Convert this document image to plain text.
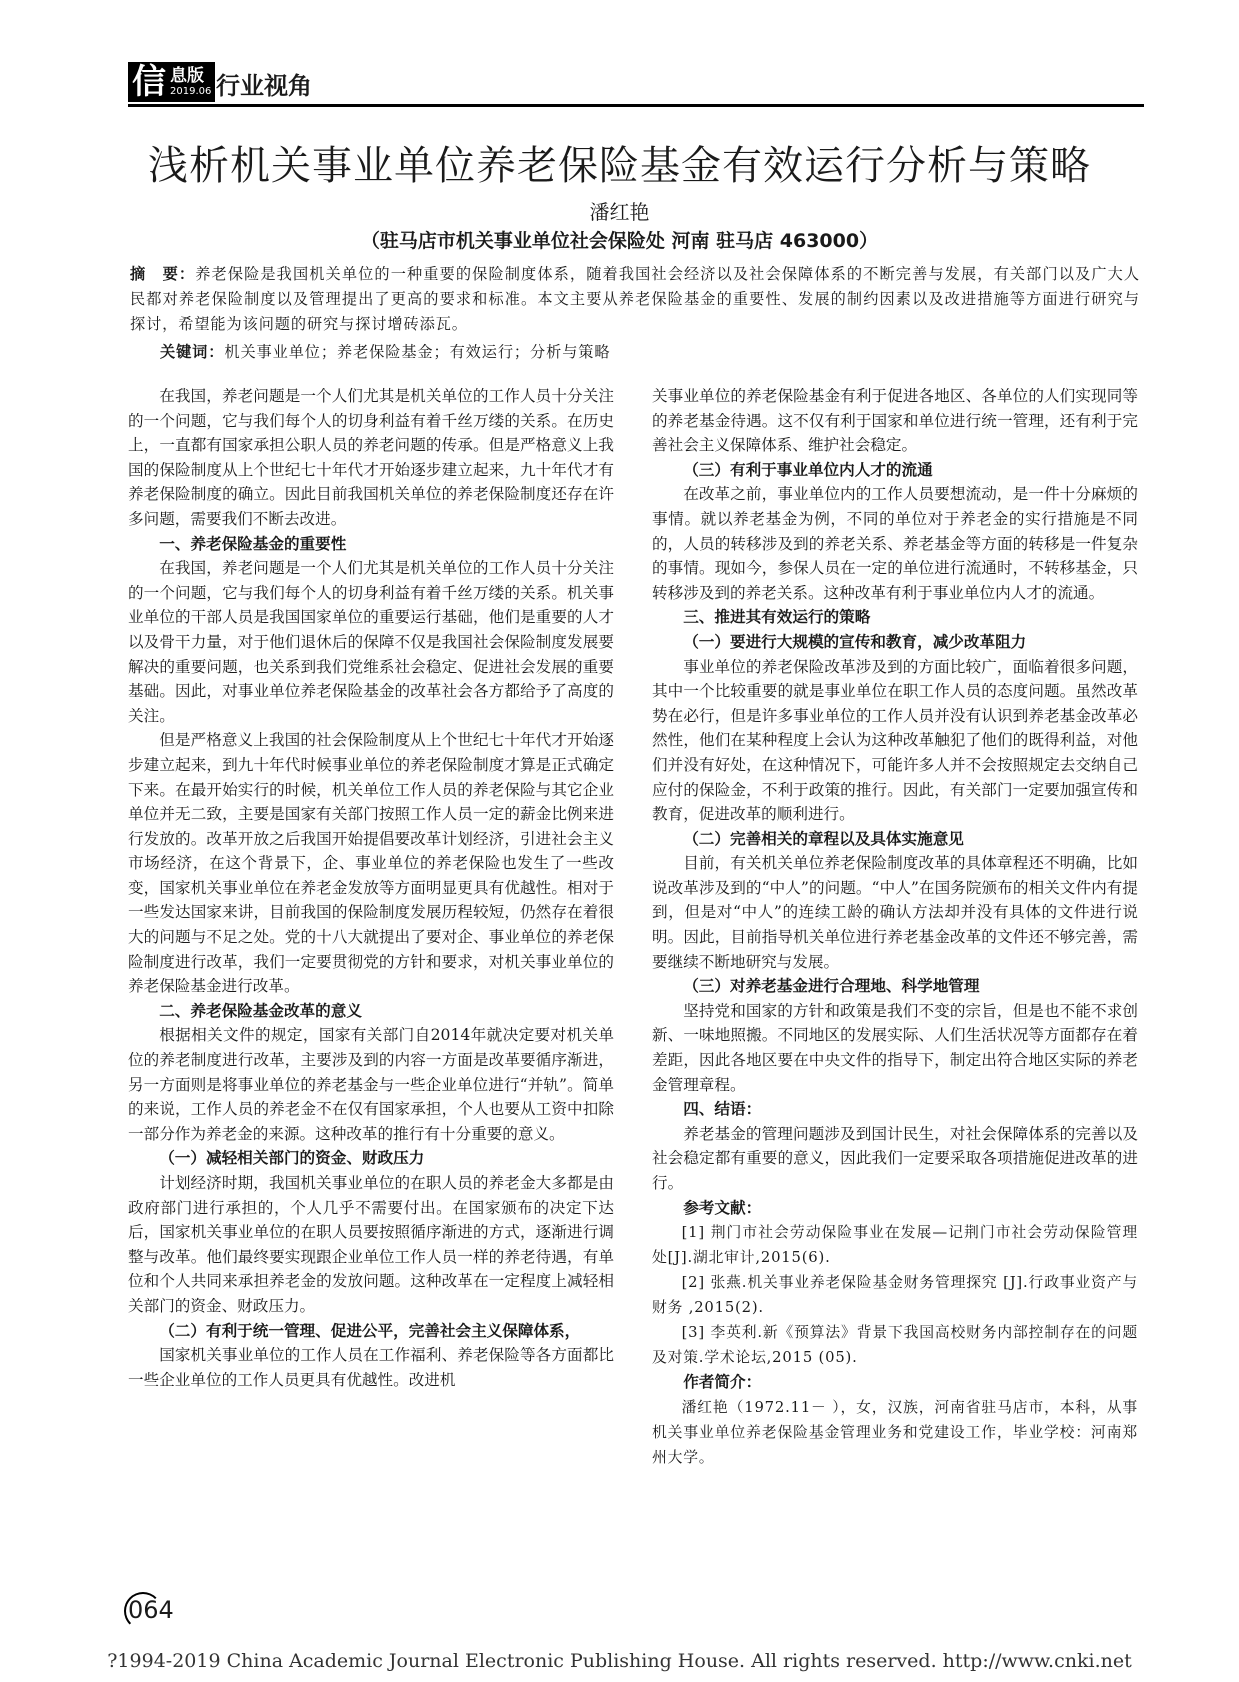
信 息版
2019.06 行业视角
浅析机关事业单位养老保险基金有效运行分析与策略
潘红艳
（驻马店市机关事业单位社会保险处 河南 驻马店 463000）
摘　要：养老保险是我国机关单位的一种重要的保险制度体系，随着我国社会经济以及社会保障体系的不断完善与发展，有关部门以及广大人民都对养老保险制度以及管理提出了更高的要求和标准。本文主要从养老保险基金的重要性、发展的制约因素以及改进措施等方面进行研究与探讨，希望能为该问题的研究与探讨增砖添瓦。
关键词：机关事业单位；养老保险基金；有效运行；分析与策略

在我国，养老问题是一个人们尤其是机关单位的工作人员十分关注的一个问题，它与我们每个人的切身利益有着千丝万缕的关系。在历史上，一直都有国家承担公职人员的养老问题的传承。但是严格意义上我国的保险制度从上个世纪七十年代才开始逐步建立起来，九十年代才有养老保险制度的确立。因此目前我国机关单位的养老保险制度还存在许多问题，需要我们不断去改进。

一、养老保险基金的重要性

在我国，养老问题是一个人们尤其是机关单位的工作人员十分关注的一个问题，它与我们每个人的切身利益有着千丝万缕的关系。机关事业单位的干部人员是我国国家单位的重要运行基础，他们是重要的人才以及骨干力量，对于他们退休后的保障不仅是我国社会保险制度发展要解决的重要问题，也关系到我们党维系社会稳定、促进社会发展的重要基础。因此，对事业单位养老保险基金的改革社会各方都给予了高度的关注。

但是严格意义上我国的社会保险制度从上个世纪七十年代才开始逐步建立起来，到九十年代时候事业单位的养老保险制度才算是正式确定下来。在最开始实行的时候，机关单位工作人员的养老保险与其它企业单位并无二致，主要是国家有关部门按照工作人员一定的薪金比例来进行发放的。改革开放之后我国开始提倡要改革计划经济，引进社会主义市场经济，在这个背景下，企、事业单位的养老保险也发生了一些改变，国家机关事业单位在养老金发放等方面明显更具有优越性。相对于一些发达国家来讲，目前我国的保险制度发展历程较短，仍然存在着很大的问题与不足之处。党的十八大就提出了要对企、事业单位的养老保险制度进行改革，我们一定要贯彻党的方针和要求，对机关事业单位的养老保险基金进行改革。

二、养老保险基金改革的意义

根据相关文件的规定，国家有关部门自2014年就决定要对机关单位的养老制度进行改革，主要涉及到的内容一方面是改革要循序渐进，另一方面则是将事业单位的养老基金与一些企业单位进行“并轨”。简单的来说，工作人员的养老金不在仅有国家承担，个人也要从工资中扣除一部分作为养老金的来源。这种改革的推行有十分重要的意义。

（一）减轻相关部门的资金、财政压力

计划经济时期，我国机关事业单位的在职人员的养老金大多都是由政府部门进行承担的，个人几乎不需要付出。在国家颁布的决定下达后，国家机关事业单位的在职人员要按照循序渐进的方式，逐渐进行调整与改革。他们最终要实现跟企业单位工作人员一样的养老待遇，有单位和个人共同来承担养老金的发放问题。这种改革在一定程度上减轻相关部门的资金、财政压力。

（二）有利于统一管理、促进公平，完善社会主义保障体系，

国家机关事业单位的工作人员在工作福利、养老保险等各方面都比一些企业单位的工作人员更具有优越性。改进机

关事业单位的养老保险基金有利于促进各地区、各单位的人们实现同等的养老基金待遇。这不仅有利于国家和单位进行统一管理，还有利于完善社会主义保障体系、维护社会稳定。

（三）有利于事业单位内人才的流通

在改革之前，事业单位内的工作人员要想流动，是一件十分麻烦的事情。就以养老基金为例，不同的单位对于养老金的实行措施是不同的，人员的转移涉及到的养老关系、养老基金等方面的转移是一件复杂的事情。现如今，参保人员在一定的单位进行流通时，不转移基金，只转移涉及到的养老关系。这种改革有利于事业单位内人才的流通。

三、推进其有效运行的策略
（一）要进行大规模的宣传和教育，减少改革阻力

事业单位的养老保险改革涉及到的方面比较广，面临着很多问题，其中一个比较重要的就是事业单位在职工作人员的态度问题。虽然改革势在必行，但是许多事业单位的工作人员并没有认识到养老基金改革必然性，他们在某种程度上会认为这种改革触犯了他们的既得利益，对他们并没有好处，在这种情况下，可能许多人并不会按照规定去交纳自己应付的保险金，不利于政策的推行。因此，有关部门一定要加强宣传和教育，促进改革的顺利进行。

（二）完善相关的章程以及具体实施意见

目前，有关机关单位养老保险制度改革的具体章程还不明确，比如说改革涉及到的“中人”的问题。“中人”在国务院颁布的相关文件内有提到，但是对“中人”的连续工龄的确认方法却并没有具体的文件进行说明。因此，目前指导机关单位进行养老基金改革的文件还不够完善，需要继续不断地研究与发展。

（三）对养老基金进行合理地、科学地管理

坚持党和国家的方针和政策是我们不变的宗旨，但是也不能不求创新、一味地照搬。不同地区的发展实际、人们生活状况等方面都存在着差距，因此各地区要在中央文件的指导下，制定出符合地区实际的养老金管理章程。

四、结语：

养老基金的管理问题涉及到国计民生，对社会保障体系的完善以及社会稳定都有重要的意义，因此我们一定要采取各项措施促进改革的进行。

参考文献：

[1] 荆门市社会劳动保险事业在发展—记荆门市社会劳动保险管理处[J].湖北审计,2015(6).

[2] 张燕.机关事业养老保险基金财务管理探究 [J].行政事业资产与财务 ,2015(2).

[3] 李英利.新《预算法》背景下我国高校财务内部控制存在的问题及对策.学术论坛,2015 (05).

作者简介：

潘红艳（1972.11－ ），女，汉族，河南省驻马店市，本科，从事机关事业单位养老保险基金管理业务和党建设工作，毕业学校：河南郑州大学。

064
?1994-2019 China Academic Journal Electronic Publishing House. All rights reserved. http://www.cnki.net
